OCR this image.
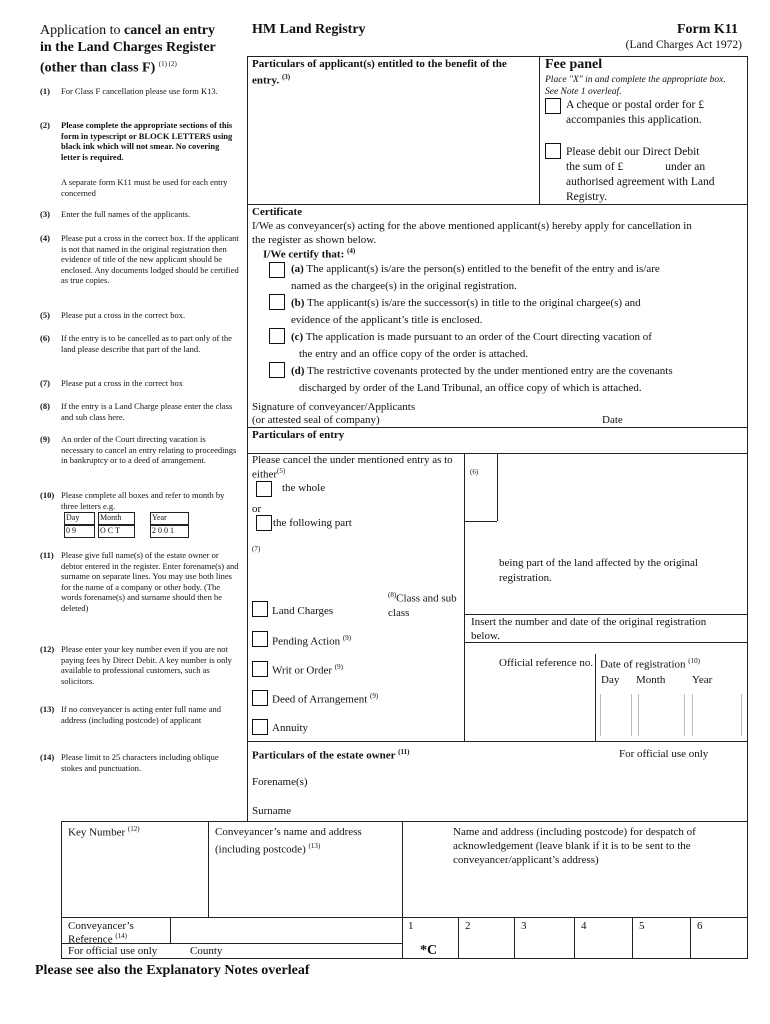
Application to cancel an entry
in the Land Charges Register
(other than class F) $^{(1) (2)}$
HM Land Registry	Form K11
(Land Charges Act 1972)
(1) For Class F cancellation please use form K13.
(2) Please complete the appropriate sections of this form in typescript or BLOCK LETTERS using black ink which will not smear. No covering letter is required.
A separate form K11 must be used for each entry concerned
(3) Enter the full names of the applicants.
(4) Please put a cross in the correct box. If the applicant is not that named in the original registration then evidence of title of the new applicant should be enclosed. Any documents lodged should be certified as true copies.
(5) Please put a cross in the correct box.
(6) If the entry is to be cancelled as to part only of the land please describe that part of the land.
(7) Please put a cross in the correct box
(8) If the entry is a Land Charge please enter the class and sub class here.
(9) An order of the Court directing vacation is necessary to cancel an entry relating to proceedings in bankruptcy or to a deed of arrangement.
(10) Please complete all boxes and refer to month by three letters e.g.
Day	Month	Year
0 9	O C T	2 0 0 1
(11) Please give full name(s) of the estate owner or debtor entered in the register. Enter forename(s) and surname on separate lines. You may use both lines for the name of a company or other body. (The words forename(s) and surname should then be deleted)
(12) Please enter your key number even if you are not paying fees by Direct Debit. A key number is only available to professional customers, such as solicitors.
(13) If no conveyancer is acting enter full name and address (including postcode) of applicant
(14) Please limit to 25 characters including oblique stokes and punctuation.
Particulars of applicant(s) entitled to the benefit of the entry. $^{(3)}$
Fee panel
Place "X" in and complete the appropriate box. See Note 1 overleaf.
A cheque or postal order for £ accompanies this application.
Please debit our Direct Debit
the sum of £	under an
authorised agreement with Land Registry.
Certificate
I/We as conveyancer(s) acting for the above mentioned applicant(s) hereby apply for cancellation in the register as shown below.
I/We certify that: $^{(4)}$
(a) The applicant(s) is/are the person(s) entitled to the benefit of the entry and is/are
named as the chargee(s) in the original registration.
(b) The applicant(s) is/are the successor(s) in title to the original chargee(s) and
evidence of the applicant’s title is enclosed.
(c) The application is made pursuant to an order of the Court directing vacation of
the entry and an office copy of the order is attached.
(d) The restrictive covenants protected by the under mentioned entry are the covenants
discharged by order of the Land Tribunal, an office copy of which is attached.
Signature of conveyancer/Applicants
(or attested seal of company)	Date
Particulars of entry
Please cancel the under mentioned entry as to
either$^{(5)}$
the whole
or
the following part
(7)
(6)
being part of the land affected by the original registration.
$^{(8)}$Class and sub class
Land Charges
Pending Action $^{(9)}$
Writ or Order $^{(9)}$
Deed of Arrangement $^{(9)}$
Annuity
Insert the number and date of the original registration below.
Official reference no. Date of registration $^{(10)}$
Day Month Year
Particulars of the estate owner $^{(11)}$	For official use only
Forename(s)
Surname
Key Number $^{(12)}$	Conveyancer’s name and address (including postcode) $^{(13)}$
Name and address (including postcode) for despatch of acknowledgement (leave blank if it is to be sent to the conveyancer/applicant’s address)
Conveyancer’s
Reference $^{(14)}$
For official use only	County
1	2	3	4	5	6
*C
Please see also the Explanatory Notes overleaf
